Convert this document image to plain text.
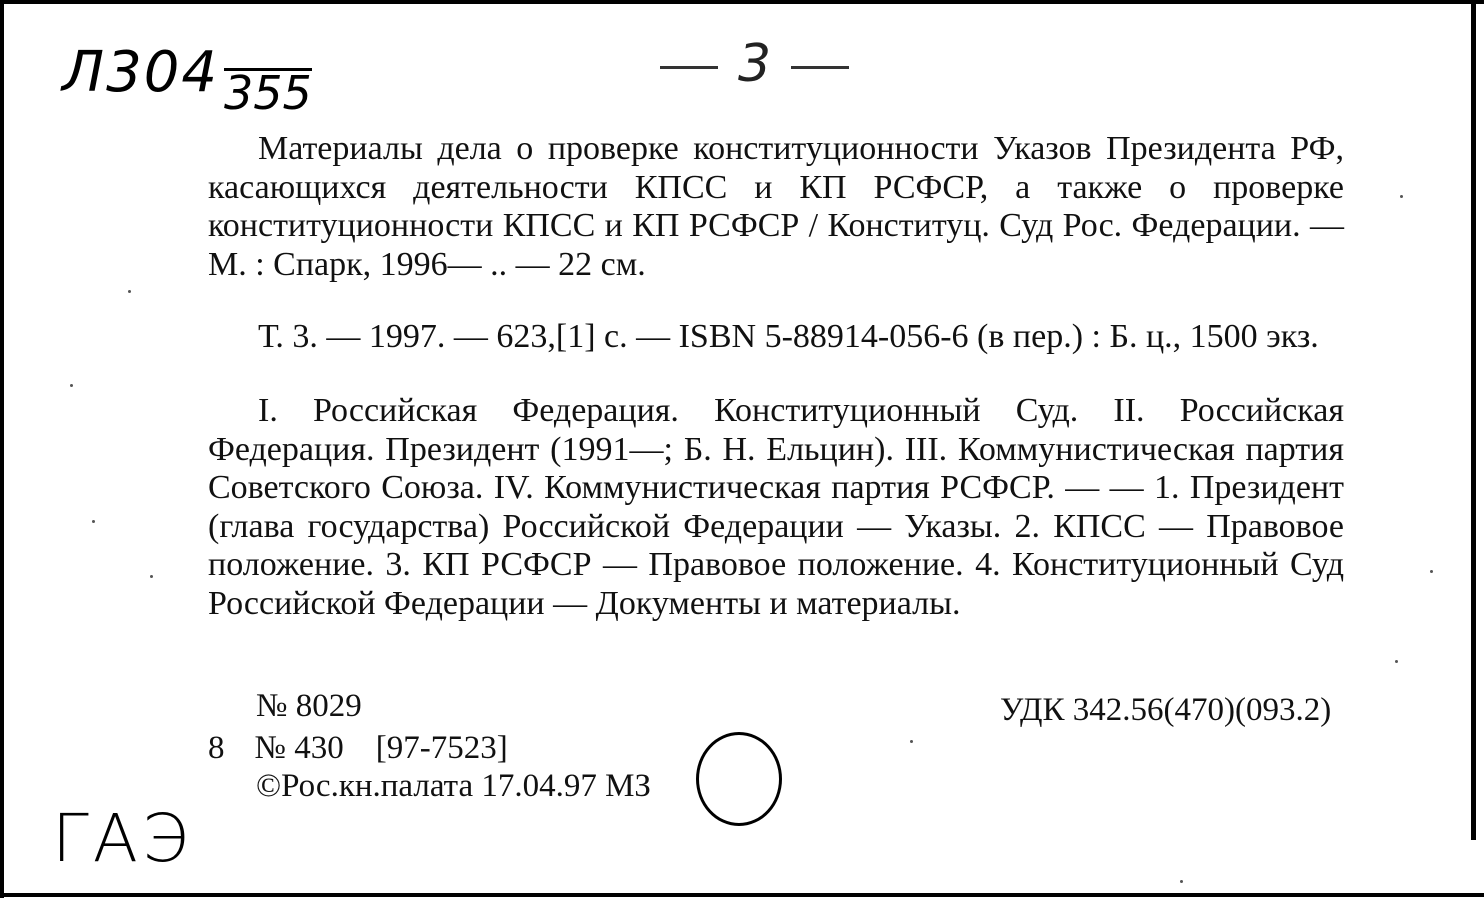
Л304 355	3

Материалы дела о проверке конституционности Указов Президента РФ, касающихся деятельности КПСС и КП РСФСР, а также о проверке конституционности КПСС и КП РСФСР / Конституц. Суд Рос. Федерации. — М. : Спарк, 1996— .. — 22 см.

Т. 3. — 1997. — 623,[1] с. — ISBN 5-88914-056-6 (в пер.) : Б. ц., 1500 экз.

I. Российская Федерация. Конституционный Суд. II. Российская Федерация. Президент (1991—; Б. Н. Ельцин). III. Коммунистическая партия Советского Союза. IV. Коммунистическая партия РСФСР. — — 1. Президент (глава государства) Российской Федерации — Указы. 2. КПСС — Правовое положение. 3. КП РСФСР — Правовое положение. 4. Конституционный Суд Российской Федерации — Документы и материалы.

№ 8029	УДК 342.56(470)(093.2)
8 № 430 [97-7523]
©Рос.кн.палата 17.04.97 МЗ
ГАЭ
